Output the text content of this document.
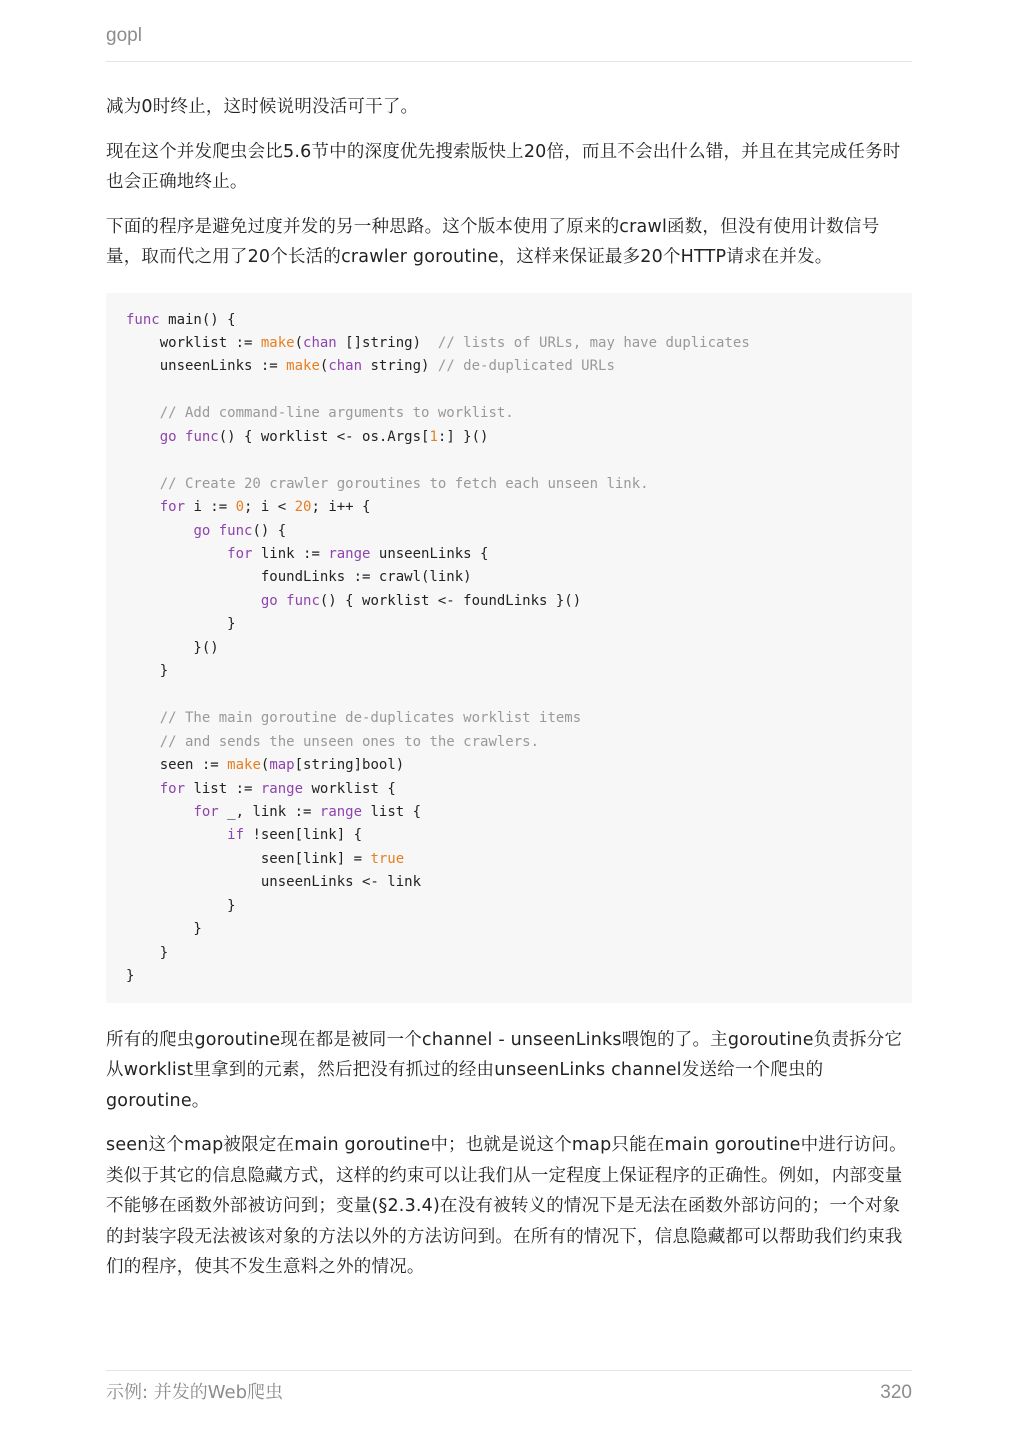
gopl

减为0时终止，这时候说明没活可干了。

现在这个并发爬虫会比5.6节中的深度优先搜索版快上20倍，而且不会出什么错，并且在其完成任务时也会正确地终止。

下面的程序是避免过度并发的另一种思路。这个版本使用了原来的crawl函数，但没有使用计数信号量，取而代之用了20个长活的crawler goroutine，这样来保证最多20个HTTP请求在并发。

func main() {
worklist := make(chan []string)  // lists of URLs, may have duplicates
unseenLinks := make(chan string) // de-duplicated URLs
// Add command-line arguments to worklist.
go func() { worklist <- os.Args[1:] }()
// Create 20 crawler goroutines to fetch each unseen link.
for i := 0; i < 20; i++ {
go func() {
for link := range unseenLinks {
foundLinks := crawl(link)
go func() { worklist <- foundLinks }()
}
}()
}
// The main goroutine de-duplicates worklist items
// and sends the unseen ones to the crawlers.
seen := make(map[string]bool)
for list := range worklist {
for _, link := range list {
if !seen[link] {
seen[link] = true
unseenLinks <- link
}
}
}
}

所有的爬虫goroutine现在都是被同一个channel - unseenLinks喂饱的了。主goroutine负责拆分它从worklist里拿到的元素，然后把没有抓过的经由unseenLinks channel发送给一个爬虫的goroutine。

seen这个map被限定在main goroutine中；也就是说这个map只能在main goroutine中进行访问。类似于其它的信息隐藏方式，这样的约束可以让我们从一定程度上保证程序的正确性。例如，内部变量不能够在函数外部被访问到；变量(§2.3.4)在没有被转义的情况下是无法在函数外部访问的；一个对象的封装字段无法被该对象的方法以外的方法访问到。在所有的情况下，信息隐藏都可以帮助我们约束我们的程序，使其不发生意料之外的情况。

示例: 并发的Web爬虫	320
